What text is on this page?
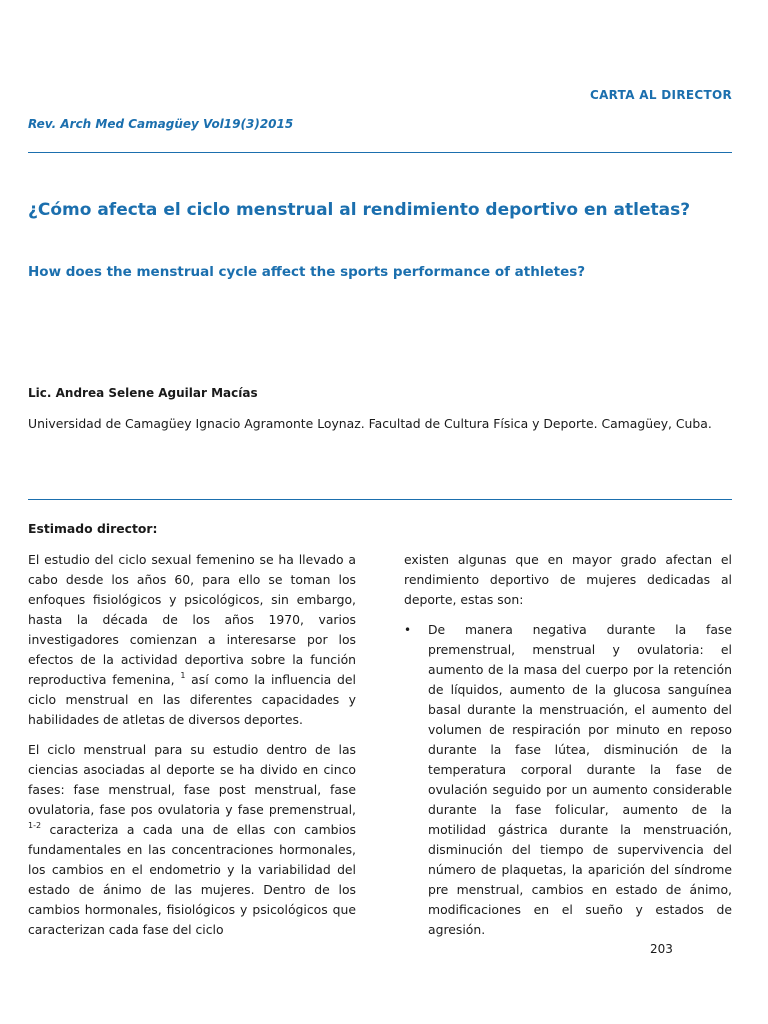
CARTA AL DIRECTOR
Rev. Arch Med Camagüey Vol19(3)2015
¿Cómo afecta el ciclo menstrual al rendimiento deportivo en atletas?
How does the menstrual cycle affect the sports performance of athletes?
Lic. Andrea Selene Aguilar Macías
Universidad de Camagüey Ignacio Agramonte Loynaz. Facultad de Cultura Física y Deporte. Camagüey, Cuba.
Estimado director:

El estudio del ciclo sexual femenino se ha llevado a cabo desde los años 60, para ello se toman los enfoques fisiológicos y psicológicos, sin embargo, hasta la década de los años 1970, varios investigadores comienzan a interesarse por los efectos de la actividad deportiva sobre la función reproductiva femenina, $^1$ así como la influencia del ciclo menstrual en las diferentes capacidades y habilidades de atletas de diversos deportes.

El ciclo menstrual para su estudio dentro de las ciencias asociadas al deporte se ha divido en cinco fases: fase menstrual, fase post menstrual, fase ovulatoria, fase pos ovulatoria y fase premenstrual, $^{1-2}$ caracteriza a cada una de ellas con cambios fundamentales en las concentraciones hormonales, los cambios en el endometrio y la variabilidad del estado de ánimo de las mujeres. Dentro de los cambios hormonales, fisiológicos y psicológicos que caracterizan cada fase del ciclo

existen algunas que en mayor grado afectan el rendimiento deportivo de mujeres dedicadas al deporte, estas son:

• De manera negativa durante la fase premenstrual, menstrual y ovulatoria: el aumento de la masa del cuerpo por la retención de líquidos, aumento de la glucosa sanguínea basal durante la menstruación, el aumento del volumen de respiración por minuto en reposo durante la fase lútea, disminución de la temperatura corporal durante la fase de ovulación seguido por un aumento considerable durante la fase folicular, aumento de la motilidad gástrica durante la menstruación, disminución del tiempo de supervivencia del número de plaquetas, la aparición del síndrome pre menstrual, cambios en estado de ánimo, modificaciones en el sueño y estados de agresión.
203
